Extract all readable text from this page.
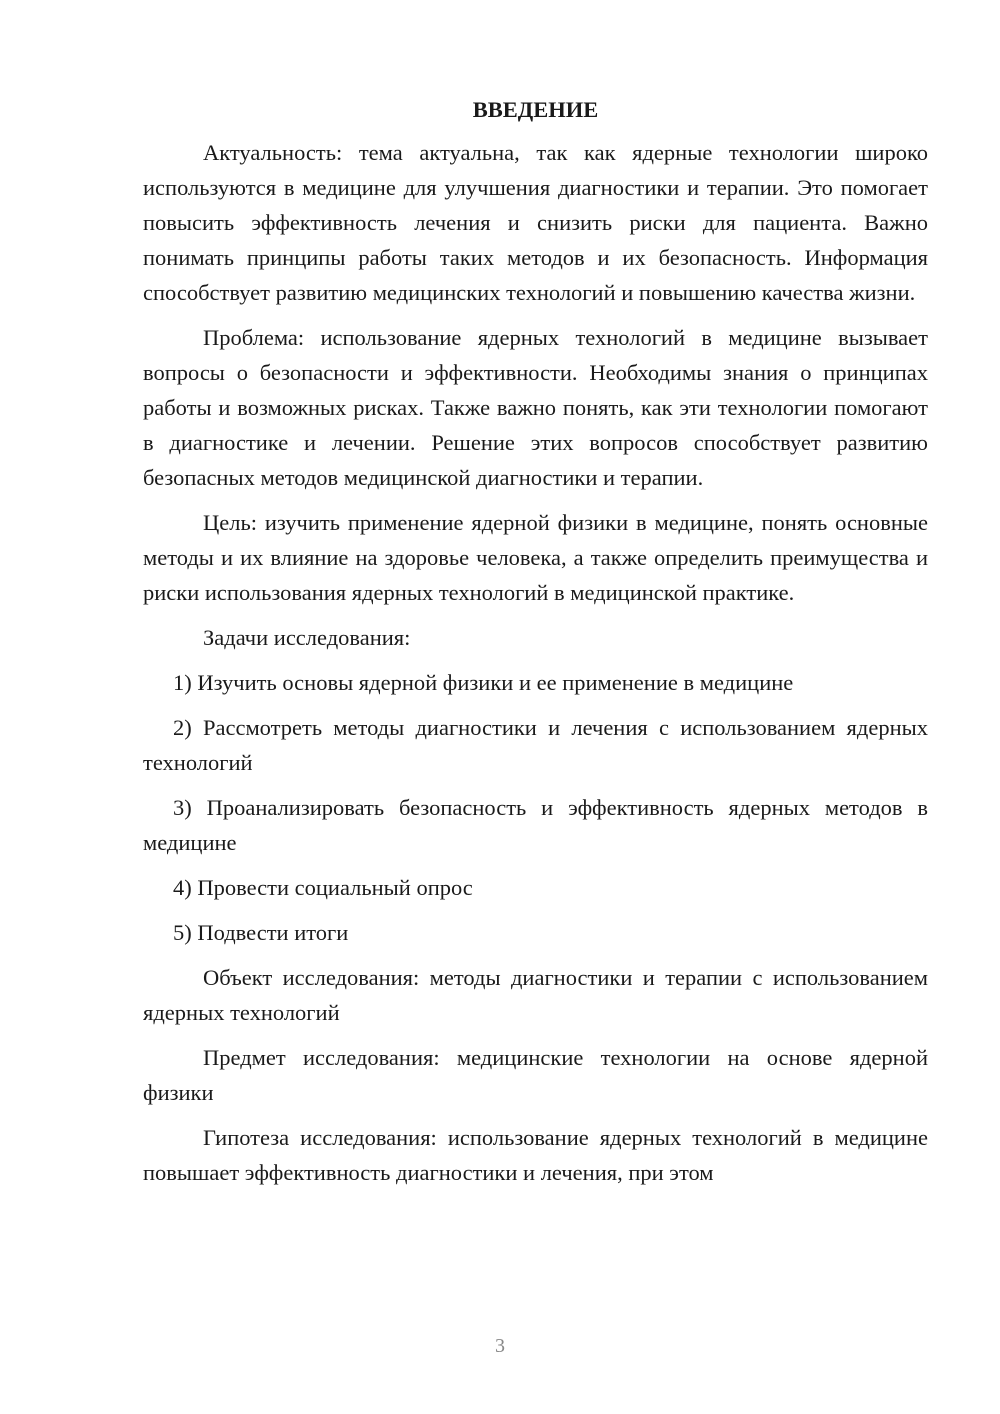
ВВЕДЕНИЕ

Актуальность: тема актуальна, так как ядерные технологии широко используются в медицине для улучшения диагностики и терапии. Это помогает повысить эффективность лечения и снизить риски для пациента. Важно понимать принципы работы таких методов и их безопасность. Информация способствует развитию медицинских технологий и повышению качества жизни.

Проблема: использование ядерных технологий в медицине вызывает вопросы о безопасности и эффективности. Необходимы знания о принципах работы и возможных рисках. Также важно понять, как эти технологии помогают в диагностике и лечении. Решение этих вопросов способствует развитию безопасных методов медицинской диагностики и терапии.

Цель: изучить применение ядерной физики в медицине, понять основные методы и их влияние на здоровье человека, а также определить преимущества и риски использования ядерных технологий в медицинской практике.

Задачи исследования:

1) Изучить основы ядерной физики и ее применение в медицине

2) Рассмотреть методы диагностики и лечения с использованием ядерных технологий

3) Проанализировать безопасность и эффективность ядерных методов в медицине

4) Провести социальный опрос

5) Подвести итоги

Объект исследования: методы диагностики и терапии с использованием ядерных технологий

Предмет исследования: медицинские технологии на основе ядерной физики

Гипотеза исследования: использование ядерных технологий в медицине повышает эффективность диагностики и лечения, при этом

3
